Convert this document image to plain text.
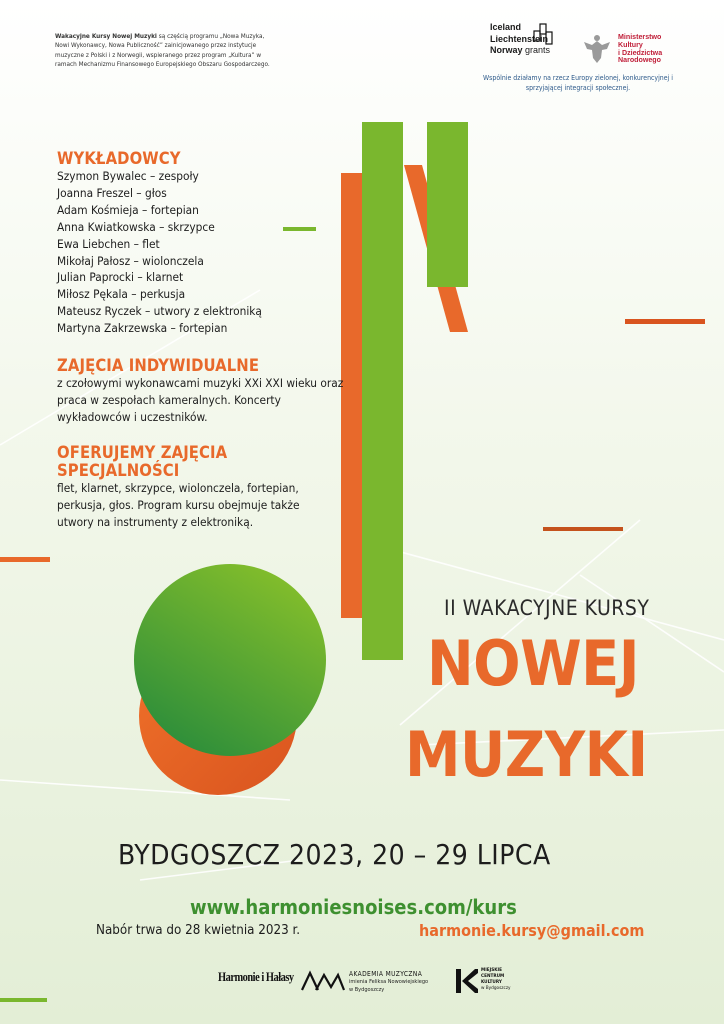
Wakacyjne Kursy Nowej Muzyki są częścią programu „Nowa Muzyka, Nowi Wykonawcy, Nowa Publiczność” zainicjowanego przez instytucje muzyczne z Polski i z Norwegii, wspieranego przez program „Kultura” w ramach Mechanizmu Finansowego Europejskiego Obszaru Gospodarczego.
Iceland
Liechtenstein
Norway grants
Ministerstwo
Kultury
i Dziedzictwa
Narodowego
Wspólnie działamy na rzecz Europy zielonej, konkurencyjnej i sprzyjającej integracji społecznej.
WYKŁADOWCY
Szymon Bywalec – zespoły
Joanna Freszel – głos
Adam Kośmieja – fortepian
Anna Kwiatkowska – skrzypce
Ewa Liebchen – flet
Mikołaj Pałosz – wiolonczela
Julian Paprocki – klarnet
Miłosz Pękala – perkusja
Mateusz Ryczek – utwory z elektroniką
Martyna Zakrzewska – fortepian
ZAJĘCIA INDYWIDUALNE
z czołowymi wykonawcami muzyki XXi XXI wieku oraz praca w zespołach kameralnych. Koncerty wykładowców i uczestników.
OFERUJEMY ZAJĘCIA
SPECJALNOŚCI
flet, klarnet, skrzypce, wiolonczela, fortepian, perkusja, głos. Program kursu obejmuje także utwory na instrumenty z elektroniką.
II WAKACYJNE KURSY
NOWEJ
MUZYKI
BYDGOSZCZ 2023, 20 – 29 LIPCA
www.harmoniesnoises.com/kurs
Nabór trwa do 28 kwietnia 2023 r.	harmonie.kursy@gmail.com
Harmonie i Hałasy	AKADEMIA MUZYCZNA
imienia Feliksa Nowowiejskiego
w Bydgoszczy
MIEJSKIE
CENTRUM
KULTURY
w Bydgoszczy
